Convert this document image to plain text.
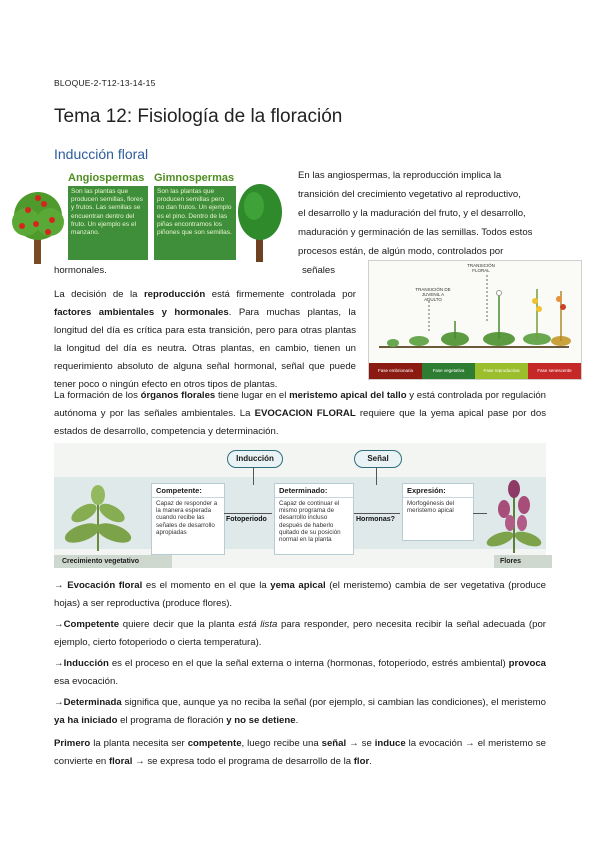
BLOQUE-2-T12-13-14-15
Tema 12: Fisiología de la floración
Inducción floral
Angiospermas
Son las plantas que producen semillas, flores y frutos. Las semillas se encuentran dentro del fruto. Un ejemplo es el manzano.
Gimnospermas
Son las plantas que producen semillas pero no dan frutos. Un ejemplo es el pino. Dentro de las piñas encontramos los piñones que son semillas.
En las angiospermas, la reproducción implica la
transición del crecimiento vegetativo al reproductivo,
el desarrollo y la maduración del fruto, y el desarrollo,
maduración y germinación de las semillas. Todos estos
procesos están, de algún modo, controlados por
señales
hormonales.	TRANSICIÓN FLORAL
TRANSICIÓN DE JUVENIL A ADULTO
Fase embrionaria	Fase vegetativa	Fase reproductiva	Fase senescente
La decisión de la reproducción está firmemente controlada por factores ambientales y hormonales. Para muchas plantas, la longitud del día es crítica para esta transición, pero para otras plantas la longitud del día es neutra. Otras plantas, en cambio, tienen un requerimiento absoluto de alguna señal hormonal, señal que puede tener poco o ningún efecto en otros tipos de plantas.
La formación de los órganos florales tiene lugar en el meristemo apical del tallo y está controlada por regulación autónoma y por las señales ambientales. La EVOCACION FLORAL requiere que la yema apical pase por dos estados de desarrollo, competencia y determinación.
Crecimiento vegetativo
Inducción	Señal
Competente:
Capaz de responder a la manera esperada cuando recibe las señales de desarrollo apropiadas
Fotoperiodo
Determinado:
Capaz de continuar el mismo programa de desarrollo incluso después de haberlo quitado de su posición normal en la planta
Hormonas?
Expresión:
Morfogénesis del meristemo apical
Flores
→ Evocación floral es el momento en el que la yema apical (el meristemo) cambia de ser vegetativa (produce hojas) a ser reproductiva (produce flores).
→Competente quiere decir que la planta está lista para responder, pero necesita recibir la señal adecuada (por ejemplo, cierto fotoperiodo o cierta temperatura).
→Inducción es el proceso en el que la señal externa o interna (hormonas, fotoperiodo, estrés ambiental) provoca esa evocación.
→Determinada significa que, aunque ya no reciba la señal (por ejemplo, si cambian las condiciones), el meristemo ya ha iniciado el programa de floración y no se detiene.
Primero la planta necesita ser competente, luego recibe una señal → se induce la evocación → el meristemo se convierte en floral → se expresa todo el programa de desarrollo de la flor.
